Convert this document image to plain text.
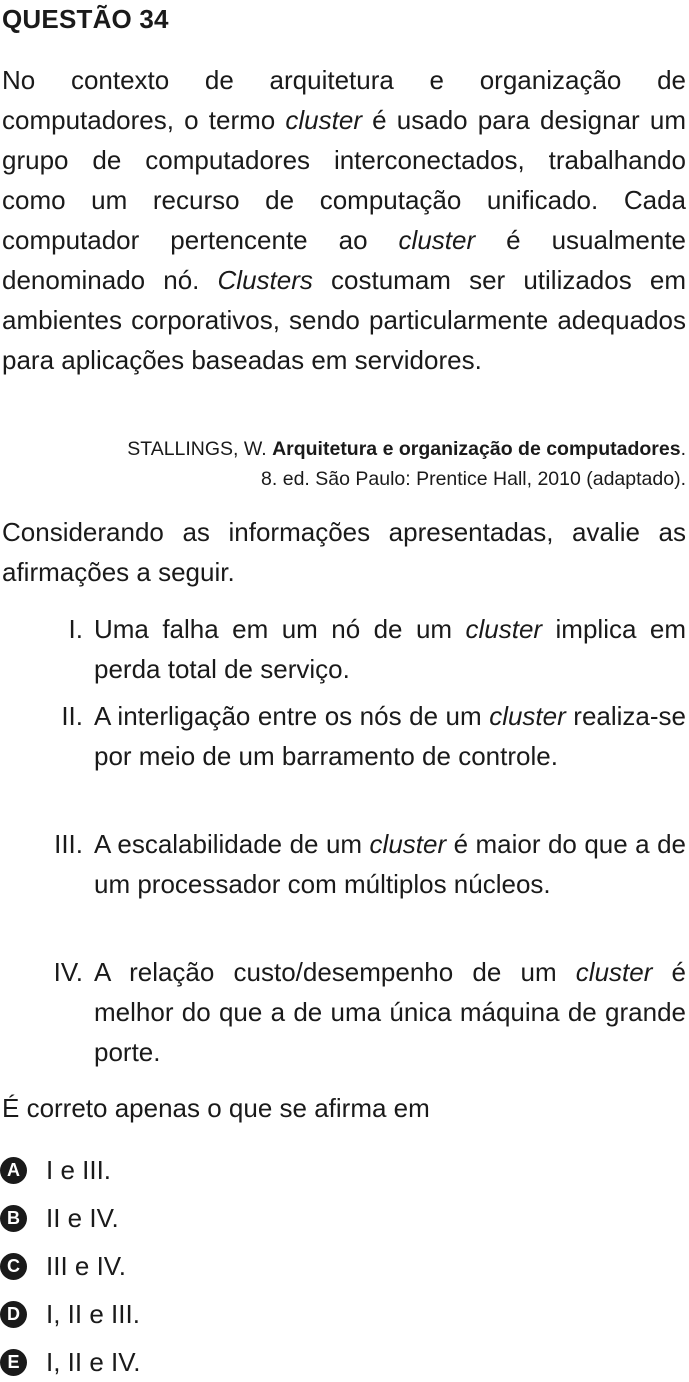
QUESTÃO 34

No contexto de arquitetura e organização de computadores, o termo cluster é usado para designar um grupo de computadores interconectados, trabalhando como um recurso de computação unificado. Cada computador pertencente ao cluster é usualmente denominado nó. Clusters costumam ser utilizados em ambientes corporativos, sendo particularmente adequados para aplicações baseadas em servidores.

STALLINGS, W. Arquitetura e organização de computadores.
8. ed. São Paulo: Prentice Hall, 2010 (adaptado).

Considerando as informações apresentadas, avalie as afirmações a seguir.

I. Uma falha em um nó de um cluster implica em perda total de serviço.
II. A interligação entre os nós de um cluster realiza-se por meio de um barramento de controle.
III. A escalabilidade de um cluster é maior do que a de um processador com múltiplos núcleos.
IV. A relação custo/desempenho de um cluster é melhor do que a de uma única máquina de grande porte.

É correto apenas o que se afirma em

A I e III.
B II e IV.
C III e IV.
D I, II e III.
E I, II e IV.
